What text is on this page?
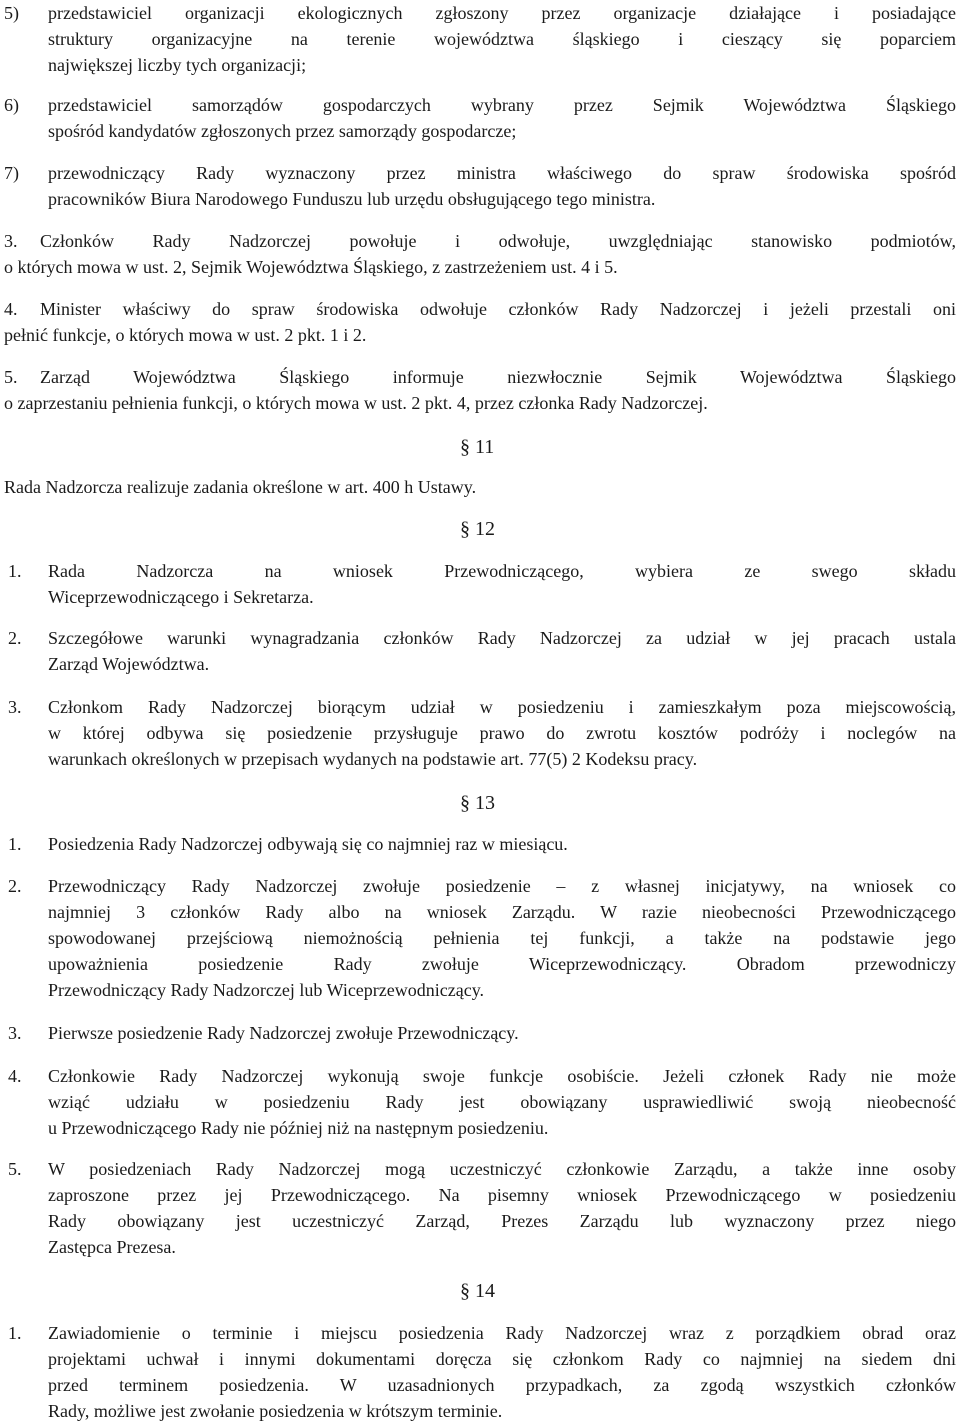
5) przedstawiciel organizacji ekologicznych zgłoszony przez organizacje działające i posiadające
struktury organizacyjne na terenie województwa śląskiego i cieszący się poparciem
największej liczby tych organizacji;
6) przedstawiciel samorządów gospodarczych wybrany przez Sejmik Województwa Śląskiego
spośród kandydatów zgłoszonych przez samorządy gospodarcze;
7) przewodniczący Rady wyznaczony przez ministra właściwego do spraw środowiska spośród
pracowników Biura Narodowego Funduszu lub urzędu obsługującego tego ministra.
3. Członków Rady Nadzorczej powołuje i odwołuje, uwzględniając stanowisko podmiotów,
o których mowa w ust. 2, Sejmik Województwa Śląskiego, z zastrzeżeniem ust. 4 i 5.
4. Minister właściwy do spraw środowiska odwołuje członków Rady Nadzorczej i jeżeli przestali oni
pełnić funkcje, o których mowa w ust. 2 pkt. 1 i 2.
5. Zarząd Województwa Śląskiego informuje niezwłocznie Sejmik Województwa Śląskiego
o zaprzestaniu pełnienia funkcji, o których mowa w ust. 2 pkt. 4, przez członka Rady Nadzorczej.
§ 11
Rada Nadzorcza realizuje zadania określone w art. 400 h Ustawy.
§ 12
1. Rada Nadzorcza na wniosek Przewodniczącego, wybiera ze swego składu
Wiceprzewodniczącego i Sekretarza.
2. Szczegółowe warunki wynagradzania członków Rady Nadzorczej za udział w jej pracach ustala
Zarząd Województwa.
3. Członkom Rady Nadzorczej biorącym udział w posiedzeniu i zamieszkałym poza miejscowością,
w której odbywa się posiedzenie przysługuje prawo do zwrotu kosztów podróży i noclegów na
warunkach określonych w przepisach wydanych na podstawie art. 77(5) 2 Kodeksu pracy.
§ 13
1. Posiedzenia Rady Nadzorczej odbywają się co najmniej raz w miesiącu.
2. Przewodniczący Rady Nadzorczej zwołuje posiedzenie – z własnej inicjatywy, na wniosek co
najmniej 3 członków Rady albo na wniosek Zarządu. W razie nieobecności Przewodniczącego
spowodowanej przejściową niemożnością pełnienia tej funkcji, a także na podstawie jego
upoważnienia posiedzenie Rady zwołuje Wiceprzewodniczący. Obradom przewodniczy
Przewodniczący Rady Nadzorczej lub Wiceprzewodniczący.
3. Pierwsze posiedzenie Rady Nadzorczej zwołuje Przewodniczący.
4. Członkowie Rady Nadzorczej wykonują swoje funkcje osobiście. Jeżeli członek Rady nie może
wziąć udziału w posiedzeniu Rady jest obowiązany usprawiedliwić swoją nieobecność
u Przewodniczącego Rady nie później niż na następnym posiedzeniu.
5. W posiedzeniach Rady Nadzorczej mogą uczestniczyć członkowie Zarządu, a także inne osoby
zaproszone przez jej Przewodniczącego. Na pisemny wniosek Przewodniczącego w posiedzeniu
Rady obowiązany jest uczestniczyć Zarząd, Prezes Zarządu lub wyznaczony przez niego
Zastępca Prezesa.
§ 14
1. Zawiadomienie o terminie i miejscu posiedzenia Rady Nadzorczej wraz z porządkiem obrad oraz
projektami uchwał i innymi dokumentami doręcza się członkom Rady co najmniej na siedem dni
przed terminem posiedzenia. W uzasadnionych przypadkach, za zgodą wszystkich członków
Rady, możliwe jest zwołanie posiedzenia w krótszym terminie.
